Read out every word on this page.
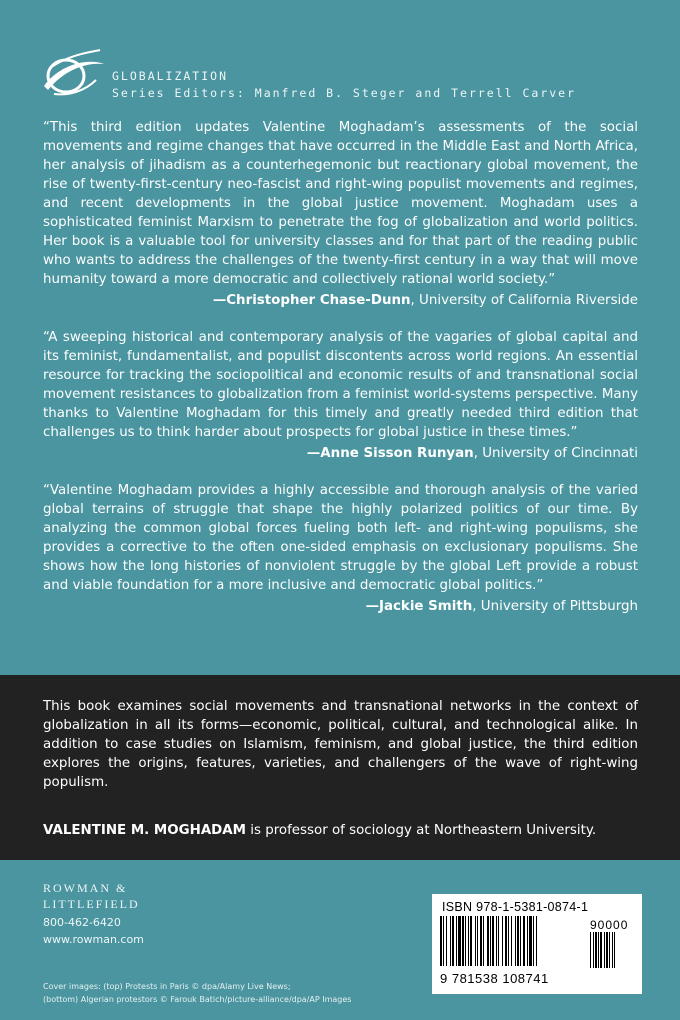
GLOBALIZATION
Series Editors: Manfred B. Steger and Terrell Carver

“This third edition updates Valentine Moghadam’s assessments of the social movements and regime changes that have occurred in the Middle East and North Africa, her analysis of jihadism as a counterhegemonic but reactionary global movement, the rise of twenty-first-century neo-fascist and right-wing populist movements and regimes, and recent developments in the global justice movement. Moghadam uses a sophisticated feminist Marxism to penetrate the fog of globalization and world politics. Her book is a valuable tool for university classes and for that part of the reading public who wants to address the challenges of the twenty-first century in a way that will move humanity toward a more democratic and collectively rational world society.”

—Christopher Chase-Dunn, University of California Riverside

“A sweeping historical and contemporary analysis of the vagaries of global capital and its feminist, fundamentalist, and populist discontents across world regions. An essential resource for tracking the sociopolitical and economic results of and transnational social movement resistances to globalization from a feminist world-systems perspective. Many thanks to Valentine Moghadam for this timely and greatly needed third edition that challenges us to think harder about prospects for global justice in these times.”

—Anne Sisson Runyan, University of Cincinnati

“Valentine Moghadam provides a highly accessible and thorough analysis of the varied global terrains of struggle that shape the highly polarized politics of our time. By analyzing the common global forces fueling both left- and right-wing populisms, she provides a corrective to the often one-sided emphasis on exclusionary populisms. She shows how the long histories of nonviolent struggle by the global Left provide a robust and viable foundation for a more inclusive and democratic global politics.”

—Jackie Smith, University of Pittsburgh

This book examines social movements and transnational networks in the context of globalization in all its forms—economic, political, cultural, and technological alike. In addition to case studies on Islamism, feminism, and global justice, the third edition explores the origins, features, varieties, and challengers of the wave of right-wing populism.

VALENTINE M. MOGHADAM is professor of sociology at Northeastern University.

ROWMAN &
LITTLEFIELD
800-462-6420
www.rowman.com
Cover images: (top) Protests in Paris © dpa/Alamy Live News;
(bottom) Algerian protestors © Farouk Batich/picture-alliance/dpa/AP Images
ISBN 978-1-5381-0874-1
90000
9 781538 108741
